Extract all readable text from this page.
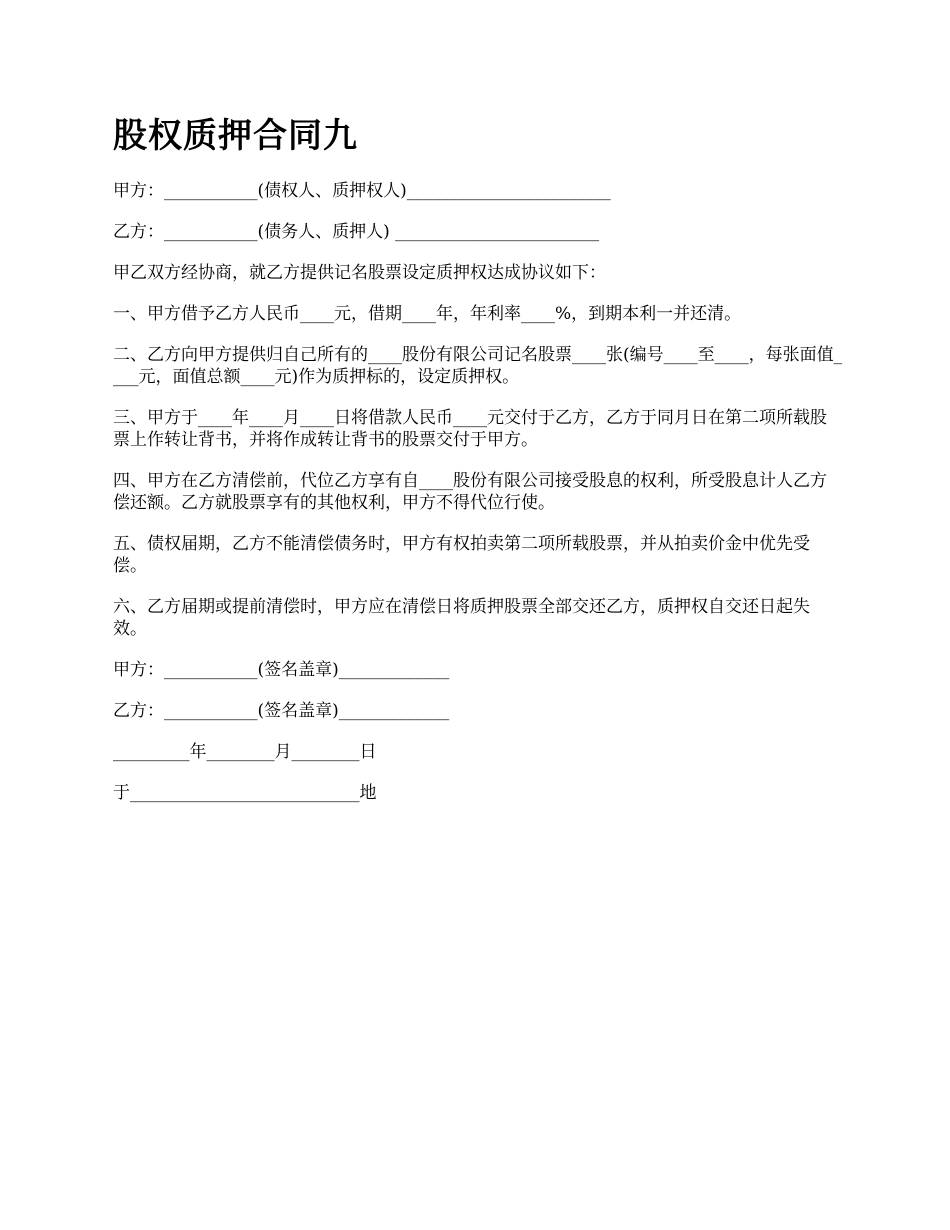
股权质押合同九

甲方：___________(债权人、质押权人)________________________

乙方：___________(债务人、质押人) ________________________

甲乙双方经协商，就乙方提供记名股票设定质押权达成协议如下：

一、甲方借予乙方人民币____元，借期____年，年利率____%，到期本利一并还清。

二、乙方向甲方提供归自己所有的____股份有限公司记名股票____张(编号____至____，每张面值____元，面值总额____元)作为质押标的，设定质押权。

三、甲方于____年____月____日将借款人民币____元交付于乙方，乙方于同月日在第二项所载股票上作转让背书，并将作成转让背书的股票交付于甲方。

四、甲方在乙方清偿前，代位乙方享有自____股份有限公司接受股息的权利，所受股息计人乙方偿还额。乙方就股票享有的其他权利，甲方不得代位行使。

五、债权届期，乙方不能清偿债务时，甲方有权拍卖第二项所载股票，并从拍卖价金中优先受偿。

六、乙方届期或提前清偿时，甲方应在清偿日将质押股票全部交还乙方，质押权自交还日起失效。

甲方：___________(签名盖章)_____________

乙方：___________(签名盖章)_____________

_________年________月________日

于___________________________地
